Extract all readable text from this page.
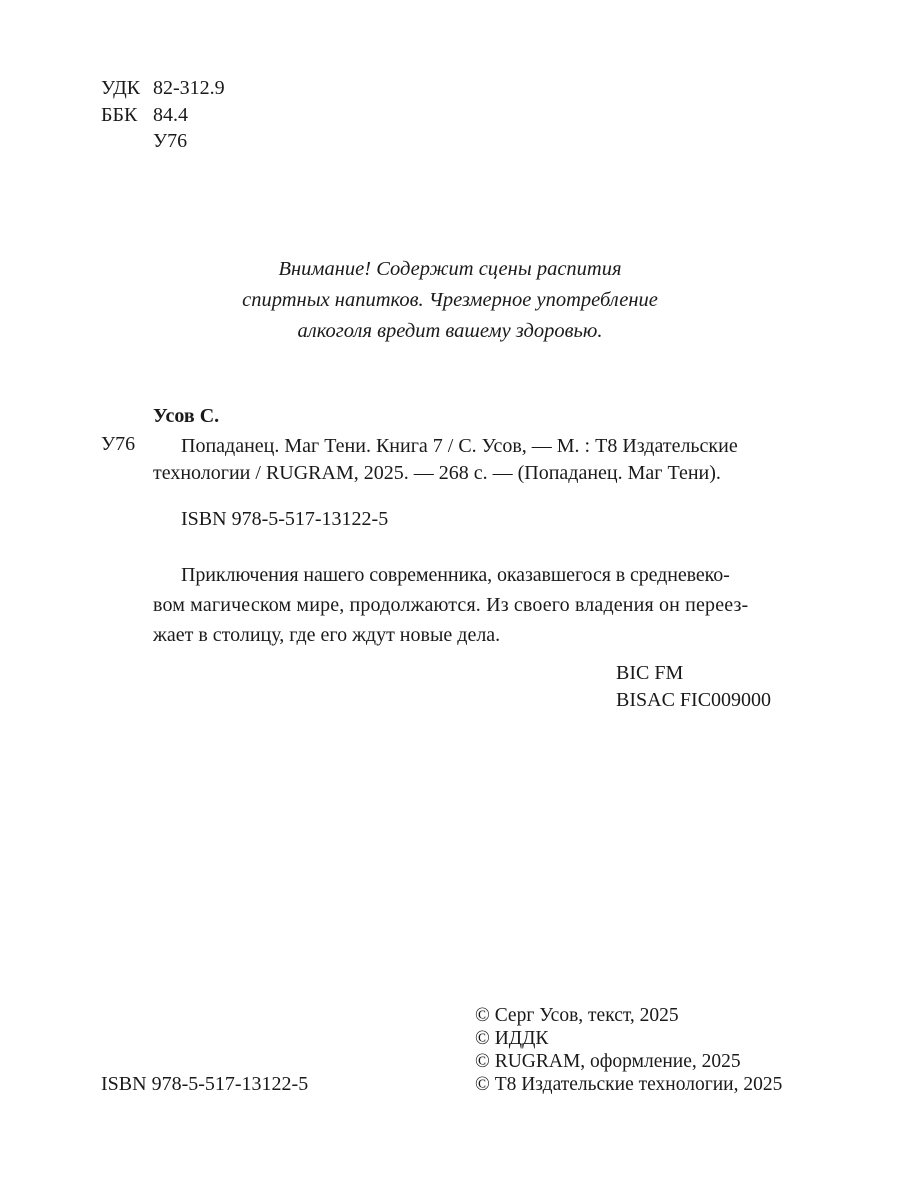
УДК 82-312.9
ББК 84.4
У76
Внимание! Содержит сцены распития
спиртных напитков. Чрезмерное употребление
алкоголя вредит вашему здоровью.
Усов С.
У76	Попаданец. Маг Тени. Книга 7 / С. Усов, — М. : Т8 Издательские
технологии / RUGRAM, 2025. — 268 с. — (Попаданец. Маг Тени).
ISBN 978-5-517-13122-5
Приключения нашего современника, оказавшегося в средневеко-
вом магическом мире, продолжаются. Из своего владения он переез-
жает в столицу, где его ждут новые дела.
BIC FM
BISAC FIC009000
ISBN 978-5-517-13122-5
© Серг Усов, текст, 2025
© ИДДК
© RUGRAM, оформление, 2025
© Т8 Издательские технологии, 2025
